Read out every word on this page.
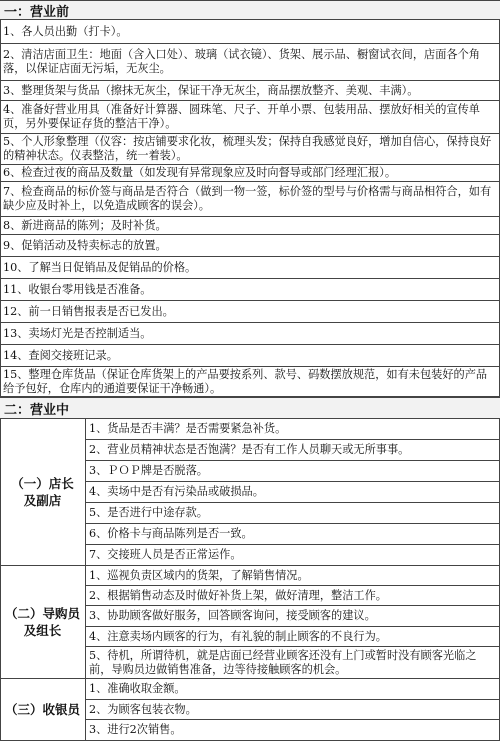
一：营业前
1、各人员出勤（打卡）。
2、清洁店面卫生：地面（含入口处）、玻璃（试衣镜）、货架、展示品、橱窗试衣间，店面各个角落，以保证店面无污垢，无灰尘。
3、整理货架与货品（擦抹无灰尘，保证干净无灰尘，商品摆放整齐、美观、丰满）。
4、准备好营业用具（准备好计算器、圆珠笔、尺子、开单小票、包装用品、摆放好相关的宣传单页，另外要保证存货的整洁干净）。
5、个人形象整理（仪容：按店铺要求化妆，梳理头发；保持自我感觉良好，增加自信心，保持良好的精神状态。仪表整洁，统一着装）。
6、检查过夜的商品及数量（如发现有异常现象应及时向督导或部门经理汇报）。
7、检查商品的标价签与商品是否符合（做到一物一签，标价签的型号与价格需与商品相符合，如有缺少应及时补上，以免造成顾客的误会）。
8、新进商品的陈列；及时补货。
9、促销活动及特卖标志的放置。
10、了解当日促销品及促销品的价格。
11、收银台零用钱是否准备。
12、前一日销售报表是否已发出。
13、卖场灯光是否控制适当。
14、查阅交接班记录。
15、整理仓库货品（保证仓库货架上的产品要按系列、款号、码数摆放规范，如有未包装好的产品给予包好，仓库内的通道要保证干净畅通）。
二：营业中
（一）店长
及副店
1、货品是否丰满？是否需要紧急补货。
2、营业员精神状态是否饱满？是否有工作人员聊天或无所事事。
3、ＰＯＰ牌是否脱落。
4、卖场中是否有污染品或破损品。
5、是否进行中途存款。
6、价格卡与商品陈列是否一致。
7、交接班人员是否正常运作。
（二）导购员
及组长
1、巡视负责区域内的货架，了解销售情况。
2、根据销售动态及时做好补货上架，做好清理，整洁工作。
3、协助顾客做好服务，回答顾客询问，接受顾客的建议。
4、注意卖场内顾客的行为，有礼貌的制止顾客的不良行为。
5、待机，所谓待机，就是店面已经营业顾客还没有上门或暂时没有顾客光临之前，导购员边做销售准备，边等待接触顾客的机会。
（三）收银员
1、准确收取金额。
2、为顾客包装衣物。
3、进行2次销售。
